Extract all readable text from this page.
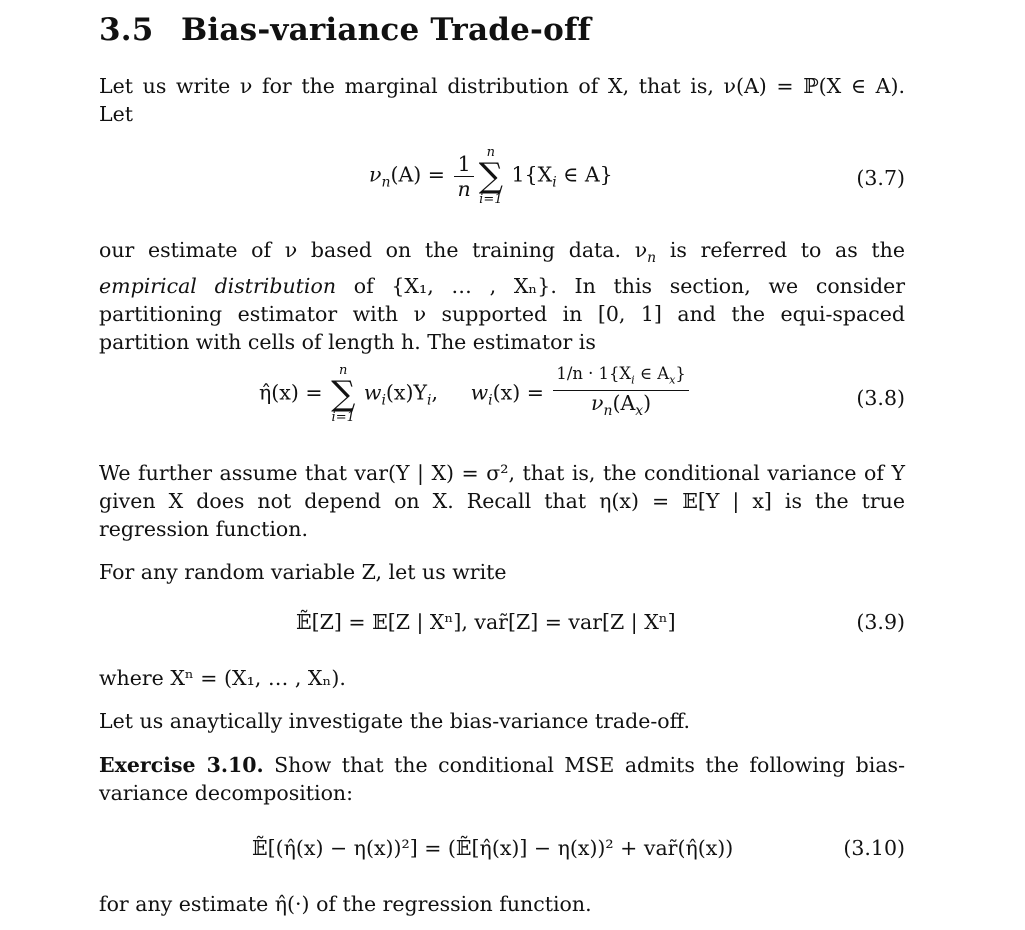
3.5 Bias-variance Trade-off
Let us write ν for the marginal distribution of X, that is, ν(A) = ℙ(X ∈ A).
Let
$\nu_n(A) = \frac{1}{n}$ n
∑
i=1
$1\{X_i$ ∈ A}	(3.7)
our estimate of ν based on the training data. $\nu_n$ is referred to as the empirical distribution of {X₁, … , Xₙ}. In this section, we consider partitioning estimator with ν supported in [0, 1] and the equi-spaced partition with cells of length h. The estimator is
η̂(x) =
n
∑
i=1
$w_i(x)Y_i$, $w_i(x) = \frac{1/n \cdot 1\{X_i \in A_x\}}{\nu_n(A_x)}$	(3.8)
We further assume that var(Y | X) = σ², that is, the conditional variance of Y given X does not depend on X. Recall that η(x) = 𝔼[Y | x] is the true regression function.
For any random variable Z, let us write
𝔼̃[Z] = 𝔼[Z | Xⁿ], var̃[Z] = var[Z | Xⁿ]	(3.9)
where Xⁿ = (X₁, … , Xₙ).
Let us anaytically investigate the bias-variance trade-off.
Exercise 3.10. Show that the conditional MSE admits the following bias-variance decomposition:
𝔼̃[(η̂(x) − η(x))²] = (𝔼̃[η̂(x)] − η(x))² + var̃(η̂(x))	(3.10)
for any estimate η̂(·) of the regression function.
